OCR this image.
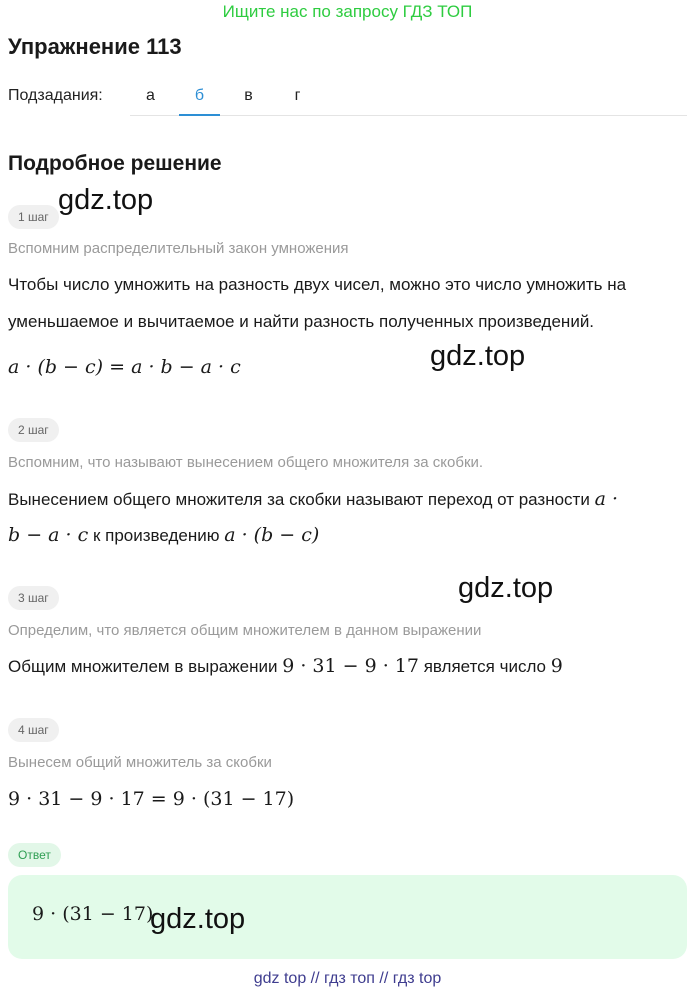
Ищите нас по запросу ГДЗ ТОП
Упражнение 113
Подзадания:	а	б	в	г
Подробное решение
gdz.top
1 шаг
Вспомним распределительный закон умножения
Чтобы число умножить на разность двух чисел, можно это число умножить на
уменьшаемое и вычитаемое и найти разность полученных произведений.
a · (b − c) = a · b − a · c	gdz.top
2 шаг
Вспомним, что называют вынесением общего множителя за скобки.
Вынесением общего множителя за скобки называют переход от разности a ·
b − a · c к произведению a · (b − c)
gdz.top
3 шаг
Определим, что является общим множителем в данном выражении
Общим множителем в выражении 9 · 31 − 9 · 17 является число 9
4 шаг
Вынесем общий множитель за скобки
9 · 31 − 9 · 17 = 9 · (31 − 17)
Ответ
9 · (31 − 17)
gdz.top
gdz top // гдз топ // гдз top
